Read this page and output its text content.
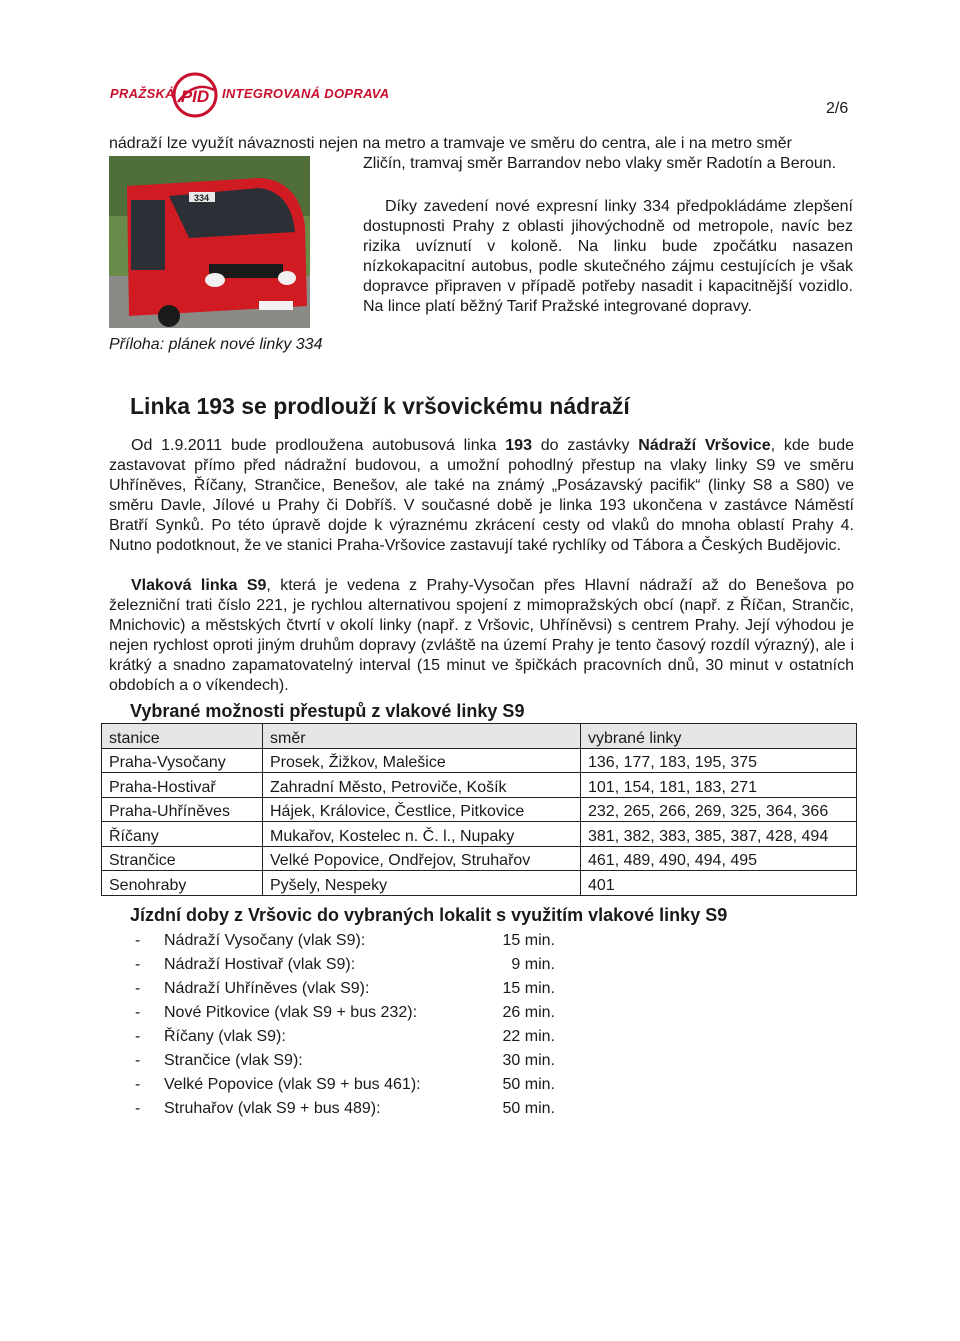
PRAŽSKÁ PID INTEGROVANÁ DOPRAVA
2/6
nádraží lze využít návaznosti nejen na metro a tramvaje ve směru do centra, ale i na metro směr
334
Příloha: plánek nové linky 334
Zličín, tramvaj směr Barrandov nebo vlaky směr Radotín a Beroun.
Díky zavedení nové expresní linky 334 předpokládáme zlepšení dostupnosti Prahy z oblasti jihovýchodně od metropole, navíc bez rizika uvíznutí v koloně. Na linku bude zpočátku nasazen nízkokapacitní autobus, podle skutečného zájmu cestujících je však dopravce připraven v případě potřeby nasadit i kapacitnější vozidlo. Na lince platí běžný Tarif Pražské integrované dopravy.
Linka 193 se prodlouží k vršovickému nádraží
Od 1.9.2011 bude prodloužena autobusová linka 193 do zastávky Nádraží Vršovice, kde bude zastavovat přímo před nádražní budovou, a umožní pohodlný přestup na vlaky linky S9 ve směru Uhříněves, Říčany, Strančice, Benešov, ale také na známý „Posázavský pacifik“ (linky S8 a S80) ve směru Davle, Jílové u Prahy či Dobříš. V současné době je linka 193 ukončena v zastávce Náměstí Bratří Synků. Po této úpravě dojde k výraznému zkrácení cesty od vlaků do mnoha oblastí Prahy 4. Nutno podotknout, že ve stanici Praha-Vršovice zastavují také rychlíky od Tábora a Českých Budějovic.
Vlaková linka S9, která je vedena z Prahy-Vysočan přes Hlavní nádraží až do Benešova po železniční trati číslo 221, je rychlou alternativou spojení z mimopražských obcí (např. z Říčan, Strančic, Mnichovic) a městských čtvrtí v okolí linky (např. z Vršovic, Uhříněvsi) s centrem Prahy. Její výhodou je nejen rychlost oproti jiným druhům dopravy (zvláště na území Prahy je tento časový rozdíl výrazný), ale i krátký a snadno zapamatovatelný interval (15 minut ve špičkách pracovních dnů, 30 minut v ostatních obdobích a o víkendech).
Vybrané možnosti přestupů z vlakové linky S9
stanice	směr	vybrané linky
Praha-Vysočany	Prosek, Žižkov, Malešice	136, 177, 183, 195, 375
Praha-Hostivař	Zahradní Město, Petroviče, Košík	101, 154, 181, 183, 271
Praha-Uhříněves	Hájek, Královice, Čestlice, Pitkovice	232, 265, 266, 269, 325, 364, 366
Říčany	Mukařov, Kostelec n. Č. l., Nupaky	381, 382, 383, 385, 387, 428, 494
Strančice	Velké Popovice, Ondřejov, Struhařov	461, 489, 490, 494, 495
Senohraby	Pyšely, Nespeky	401
Jízdní doby z Vršovic do vybraných lokalit s využitím vlakové linky S9
- Nádraží Vysočany (vlak S9):	15 min.
- Nádraží Hostivař (vlak S9):	9 min.
- Nádraží Uhříněves (vlak S9):	15 min.
- Nové Pitkovice (vlak S9 + bus 232):	26 min.
- Říčany (vlak S9):	22 min.
- Strančice (vlak S9):	30 min.
- Velké Popovice (vlak S9 + bus 461):	50 min.
- Struhařov (vlak S9 + bus 489):	50 min.
